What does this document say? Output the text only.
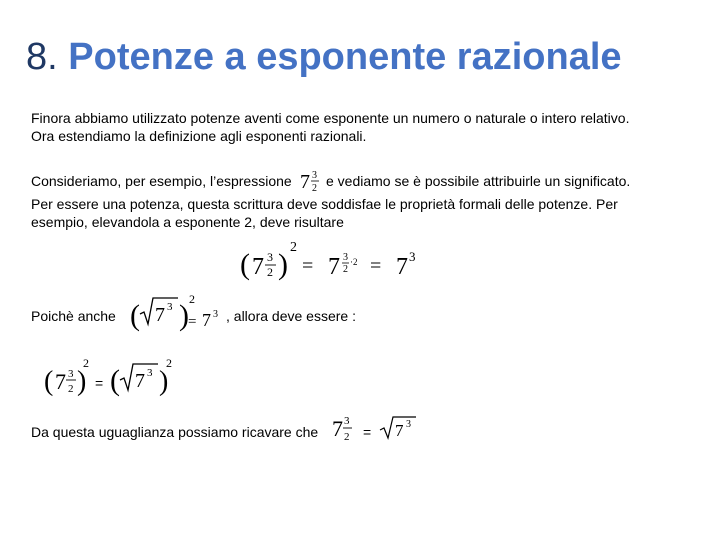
8. Potenze a esponente razionale
Finora abbiamo utilizzato potenze aventi come esponente un numero o naturale o intero relativo.
Ora estendiamo la definizione agli esponenti razionali.
Consideriamo, per esempio, l’espressione 7 3
2 e vediamo se è possibile attribuirle un significato.
Per essere una potenza, questa scrittura deve soddisfae le proprietà formali delle potenze. Per
esempio, elevandola a esponente 2, deve risultare
( 7 3
2 )
2
= 7 3
2
·2 = 7 3
Poichè anche ( 7 3 ) 2
= 7 3 , allora deve essere :
( 7 3
2 )
2
( 7 3 )
2
=
Da questa uguaglianza possiamo ricavare che 7 3
2 = 7 3
